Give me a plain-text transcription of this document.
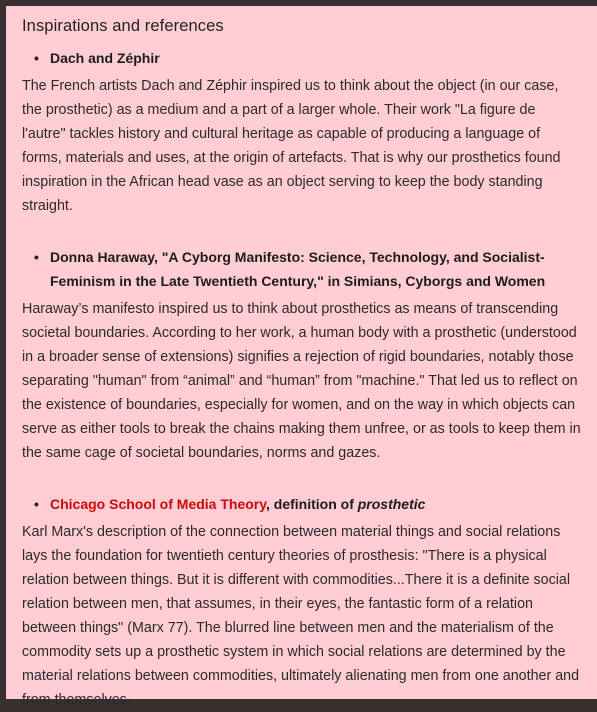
Inspirations and references
• Dach and Zéphir

The French artists Dach and Zéphir inspired us to think about the object (in our case, the prosthetic) as a medium and a part of a larger whole. Their work "La figure de l'autre" tackles history and cultural heritage as capable of producing a language of forms, materials and uses, at the origin of artefacts. That is why our prosthetics found inspiration in the African head vase as an object serving to keep the body standing straight.

• Donna Haraway, "A Cyborg Manifesto: Science, Technology, and Socialist- Feminism in the Late Twentieth Century," in Simians, Cyborgs and Women

Haraway’s manifesto inspired us to think about prosthetics as means of transcending societal boundaries. According to her work, a human body with a prosthetic (understood in a broader sense of extensions) signifies a rejection of rigid boundaries, notably those separating "human" from “animal” and “human” from "machine." That led us to reflect on the existence of boundaries, especially for women, and on the way in which objects can serve as either tools to break the chains making them unfree, or as tools to keep them in the same cage of societal boundaries, norms and gazes.

• Chicago School of Media Theory, definition of prosthetic

Karl Marx's description of the connection between material things and social relations lays the foundation for twentieth century theories of prosthesis: "There is a physical relation between things. But it is different with commodities...There it is a definite social relation between men, that assumes, in their eyes, the fantastic form of a relation between things" (Marx 77). The blurred line between men and the materialism of the commodity sets up a prosthetic system in which social relations are determined by the material relations between commodities, ultimately alienating men from one another and from themselves.
